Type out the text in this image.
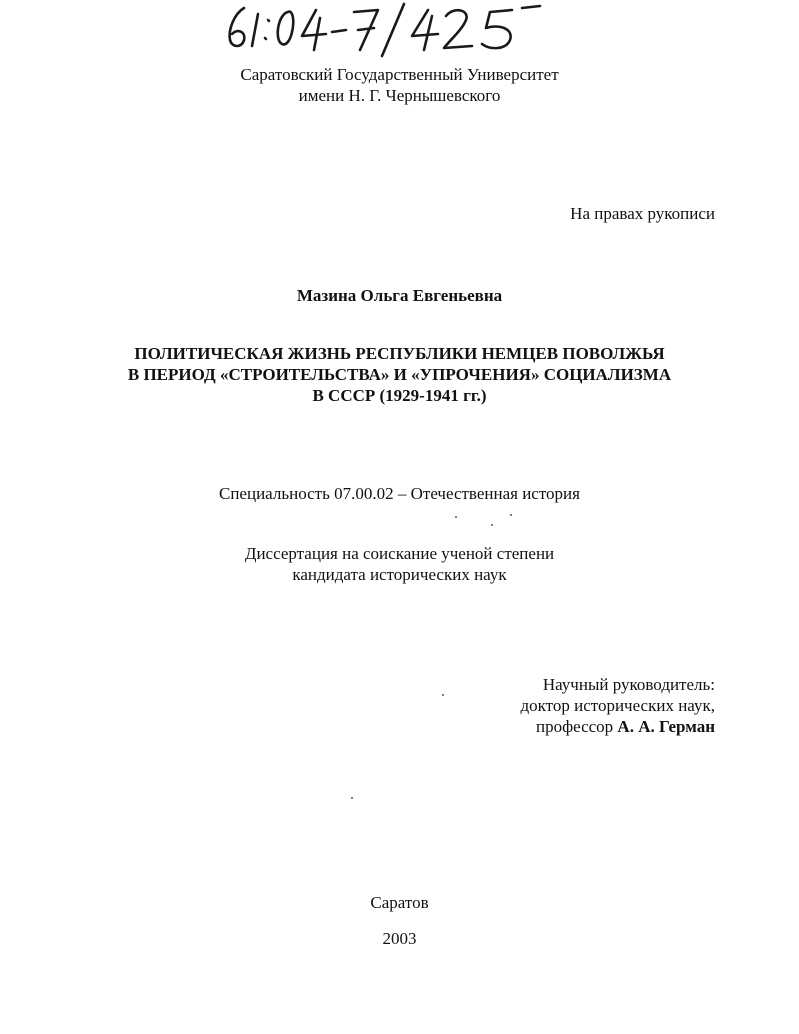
Саратовский Государственный Университет
имени Н. Г. Чернышевского
На правах рукописи
Мазина Ольга Евгеньевна
ПОЛИТИЧЕСКАЯ ЖИЗНЬ РЕСПУБЛИКИ НЕМЦЕВ ПОВОЛЖЬЯ
В ПЕРИОД «СТРОИТЕЛЬСТВА» И «УПРОЧЕНИЯ» СОЦИАЛИЗМА
В СССР (1929-1941 гг.)
Специальность 07.00.02 – Отечественная история
Диссертация на соискание ученой степени
кандидата исторических наук
Научный руководитель:
доктор исторических наук,
профессор А. А. Герман
Саратов
2003
